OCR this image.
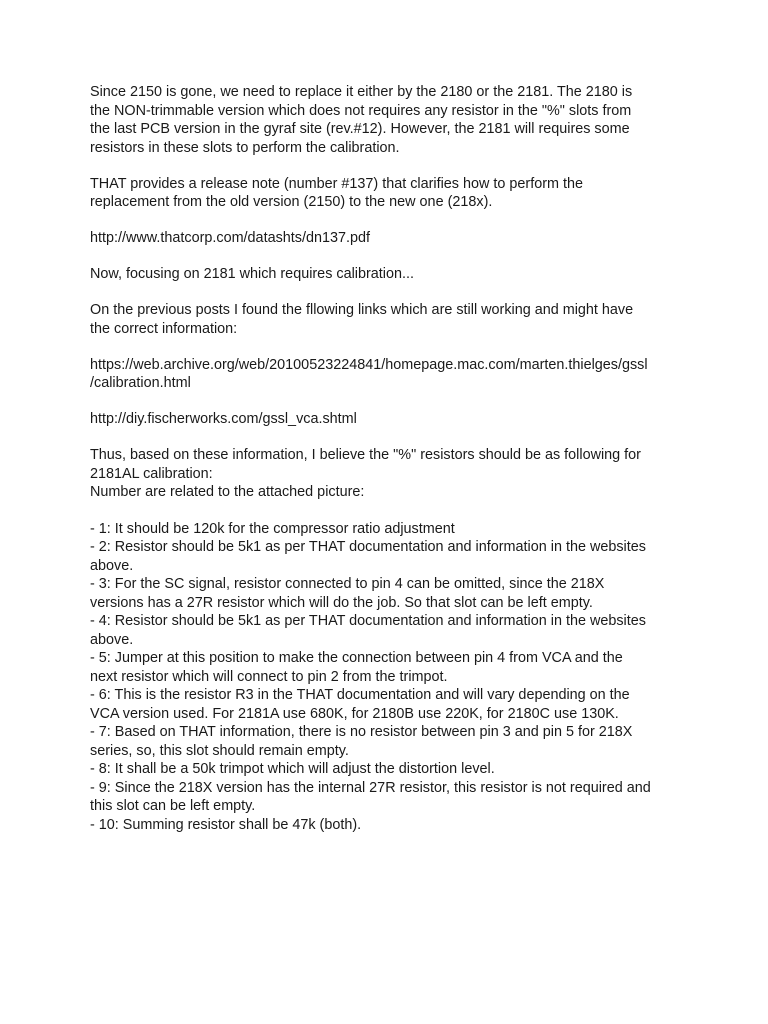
Since 2150 is gone, we need to replace it either by the 2180 or the 2181. The 2180 is
the NON-trimmable version which does not requires any resistor in the "%" slots from
the last PCB version in the gyraf site (rev.#12). However, the 2181 will requires some
resistors in these slots to perform the calibration.

THAT provides a release note (number #137) that clarifies how to perform the
replacement from the old version (2150) to the new one (218x).

http://www.thatcorp.com/datashts/dn137.pdf

Now, focusing on 2181 which requires calibration...

On the previous posts I found the fllowing links which are still working and might have
the correct information:

https://web.archive.org/web/20100523224841/homepage.mac.com/marten.thielges/gssl
/calibration.html

http://diy.fischerworks.com/gssl_vca.shtml

Thus, based on these information, I believe the "%" resistors should be as following for
2181AL calibration:

Number are related to the attached picture:

- 1: It should be 120k for the compressor ratio adjustment
- 2: Resistor should be 5k1 as per THAT documentation and information in the websites
above.
- 3: For the SC signal, resistor connected to pin 4 can be omitted, since the 218X
versions has a 27R resistor which will do the job. So that slot can be left empty.
- 4: Resistor should be 5k1 as per THAT documentation and information in the websites
above.
- 5: Jumper at this position to make the connection between pin 4 from VCA and the
next resistor which will connect to pin 2 from the trimpot.
- 6: This is the resistor R3 in the THAT documentation and will vary depending on the
VCA version used. For 2181A use 680K, for 2180B use 220K, for 2180C use 130K.
- 7: Based on THAT information, there is no resistor between pin 3 and pin 5 for 218X
series, so, this slot should remain empty.
- 8: It shall be a 50k trimpot which will adjust the distortion level.
- 9: Since the 218X version has the internal 27R resistor, this resistor is not required and
this slot can be left empty.
- 10: Summing resistor shall be 47k (both).
